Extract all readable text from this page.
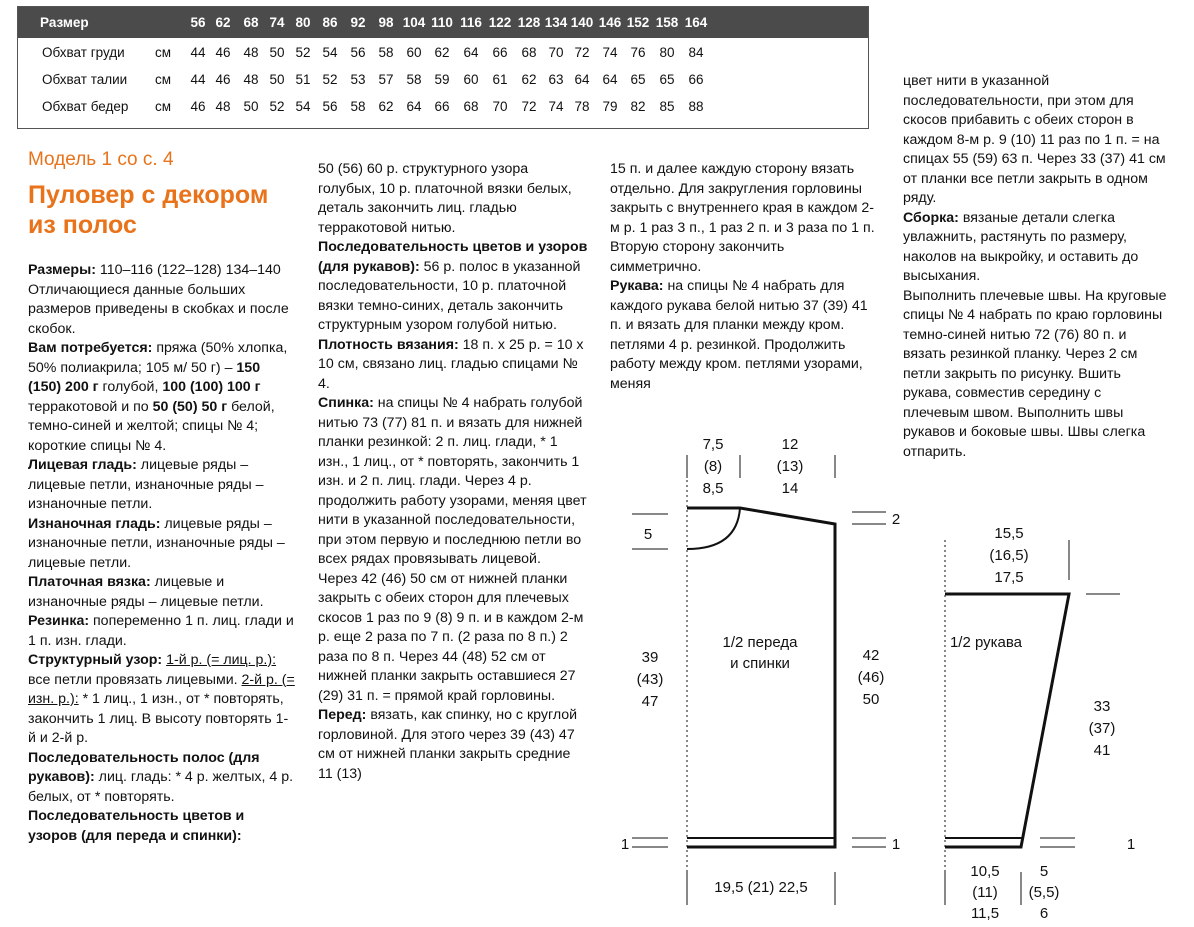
Размер	56 62 68 74 80 86 92 98 104 110 116 122 128 134 140 146 152 158 164
Обхват груди см 44 46 48 50 52 54 56 58 60 62 64 66 68 70 72 74 76 80 84
Обхват талии см 44 46 48 50 51 52 53 57 58 59 60 61 62 63 64 64 65 65 66
Обхват бедер см 46 48 50 52 54 56 58 62 64 66 68 70 72 74 78 79 82 85 88
Модель 1 со с. 4
Пуловер с декором
из полос

Размеры: 110–116 (122–128) 134–140 Отличающиеся данные больших размеров приведены в скобках и после скобок.

Вам потребуется: пряжа (50% хлопка, 50% полиакрила; 105 м/ 50 г) – 150 (150) 200 г голубой, 100 (100) 100 г терракотовой и по 50 (50) 50 г белой, темно-синей и желтой; спицы № 4; короткие спицы № 4.

Лицевая гладь: лицевые ряды – лицевые петли, изнаночные ряды – изнаночные петли.

Изнаночная гладь: лицевые ряды – изнаночные петли, изнаночные ряды – лицевые петли.

Платочная вязка: лицевые и изнаночные ряды – лицевые петли.

Резинка: попеременно 1 п. лиц. глади и 1 п. изн. глади.

Структурный узор: 1-й р. (= лиц. р.): все петли провязать лицевыми. 2-й р. (= изн. р.): * 1 лиц., 1 изн., от * повторять, закончить 1 лиц. В высоту повторять 1-й и 2-й р.

Последовательность полос (для рукавов): лиц. гладь: * 4 р. желтых, 4 р. белых, от * повторять.

Последовательность цветов и узоров (для переда и спинки):

50 (56) 60 р. структурного узора голубых, 10 р. платочной вязки белых, деталь закончить лиц. гладью терракотовой нитью.

Последовательность цветов и узоров (для рукавов): 56 р. полос в указанной последовательности, 10 р. платочной вязки темно-синих, деталь закончить структурным узором голубой нитью.

Плотность вязания: 18 п. х 25 р. = 10 х 10 см, связано лиц. гладью спицами № 4.

Спинка: на спицы № 4 набрать голубой нитью 73 (77) 81 п. и вязать для нижней планки резинкой: 2 п. лиц. глади, * 1 изн., 1 лиц., от * повторять, закончить 1 изн. и 2 п. лиц. глади. Через 4 р. продолжить работу узорами, меняя цвет нити в указанной последовательности, при этом первую и последнюю петли во всех рядах провязывать лицевой.

Через 42 (46) 50 см от нижней планки закрыть с обеих сторон для плечевых скосов 1 раз по 9 (8) 9 п. и в каждом 2-м р. еще 2 раза по 7 п. (2 раза по 8 п.) 2 раза по 8 п. Через 44 (48) 52 см от нижней планки закрыть оставшиеся 27 (29) 31 п. = прямой край горловины.

Перед: вязать, как спинку, но с круглой горловиной. Для этого через 39 (43) 47 см от нижней планки закрыть средние 11 (13)

15 п. и далее каждую сторону вязать отдельно. Для закругления горловины закрыть с внутреннего края в каждом 2-м р. 1 раз 3 п., 1 раз 2 п. и 3 раза по 1 п. Вторую сторону закончить симметрично.

Рукава: на спицы № 4 набрать для каждого рукава белой нитью 37 (39) 41 п. и вязать для планки между кром. петлями 4 р. резинкой. Продолжить работу между кром. петлями узорами, меняя

цвет нити в указанной последовательности, при этом для скосов прибавить с обеих сторон в каждом 8-м р. 9 (10) 11 раз по 1 п. = на спицах 55 (59) 63 п. Через 33 (37) 41 см от планки все петли закрыть в одном ряду.

Сборка: вязаные детали слегка увлажнить, растянуть по размеру, наколов на выкройку, и оставить до высыхания.

Выполнить плечевые швы. На круговые спицы № 4 набрать по краю горловины темно-синей нитью 72 (76) 80 п. и вязать резинкой планку. Через 2 см петли закрыть по рисунку. Вшить рукава, совместив середину с плечевым швом. Выполнить швы рукавов и боковые швы. Швы слегка отпарить.

1/2 переда
и спинки
7,5
(8)
8,5
12
(13)
14
5
2
39
(43)
47
42
(46)
50
1	1
19,5 (21) 22,5
1/2 рукава
15,5
(16,5)
17,5
33
(37)
41
1
10,5
(11)
11,5
5
(5,5)
6
